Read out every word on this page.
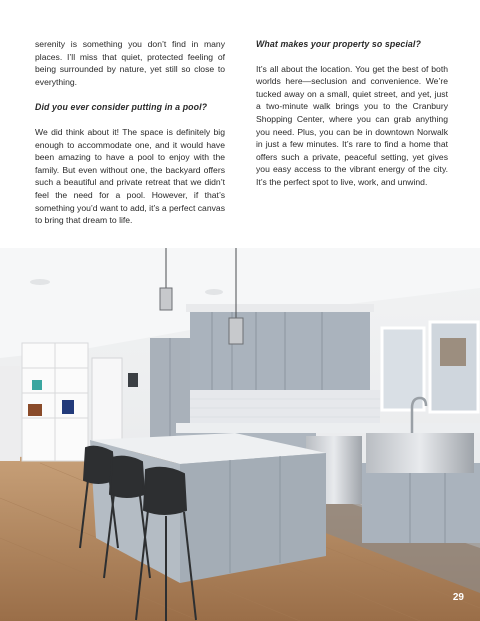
serenity is something you don’t find in many places. I’ll miss that quiet, protected feeling of being surrounded by nature, yet still so close to everything.

Did you ever consider putting in a pool?

We did think about it! The space is definitely big enough to accommodate one, and it would have been amazing to have a pool to enjoy with the family. But even without one, the backyard offers such a beautiful and private retreat that we didn’t feel the need for a pool. However, if that’s something you’d want to add, it’s a perfect canvas to bring that dream to life.

What makes your property so special?

It’s all about the location. You get the best of both worlds here—seclusion and convenience. We’re tucked away on a small, quiet street, and yet, just a two-minute walk brings you to the Cranbury Shopping Center, where you can grab anything you need. Plus, you can be in downtown Norwalk in just a few minutes. It’s rare to find a home that offers such a private, peaceful setting, yet gives you easy access to the vibrant energy of the city. It’s the perfect spot to live, work, and unwind.

29
